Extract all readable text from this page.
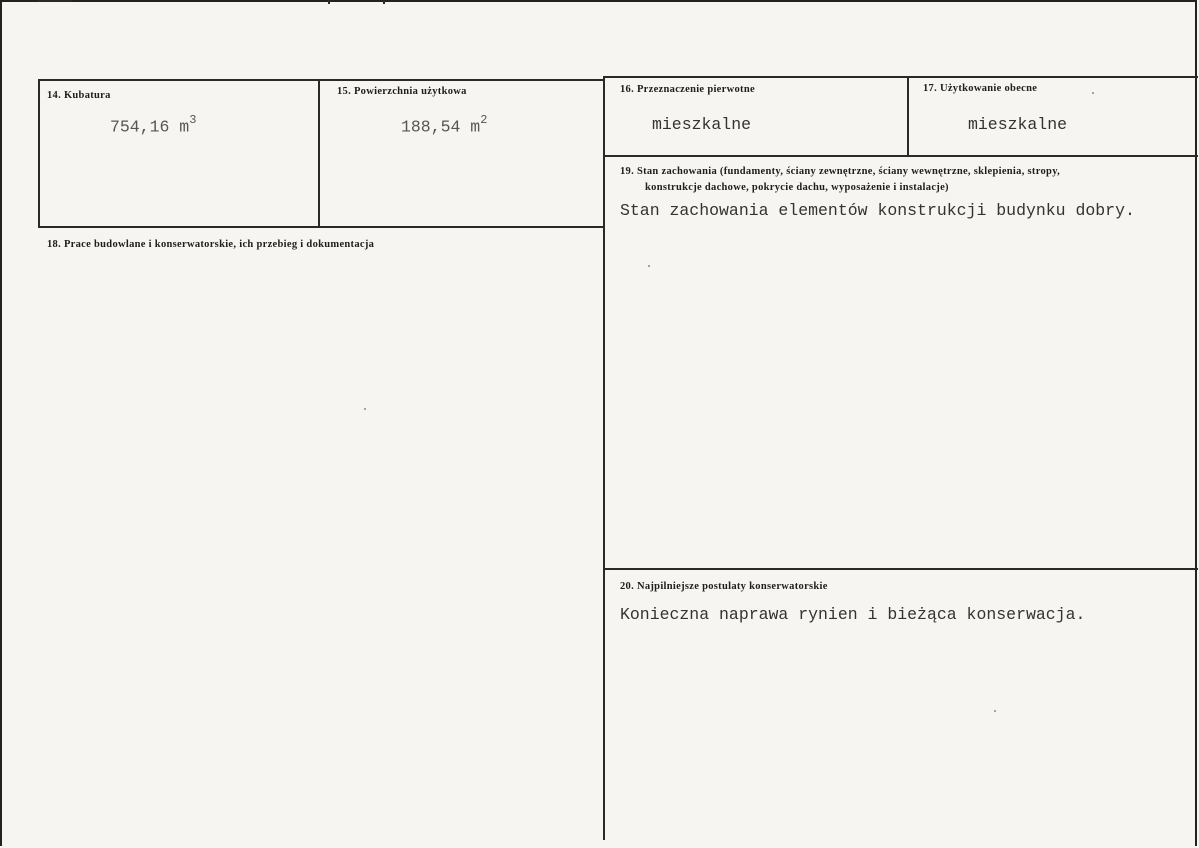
14. Kubatura
754,16 $m^3$
15. Powierzchnia użytkowa
188,54 $m^2$
16. Przeznaczenie pierwotne
mieszkalne
17. Użytkowanie obecne
mieszkalne
19. Stan zachowania (fundamenty, ściany zewnętrzne, ściany wewnętrzne, sklepienia, stropy,
konstrukcje dachowe, pokrycie dachu, wyposażenie i instalacje)
Stan zachowania elementów konstrukcji budynku dobry.
18. Prace budowlane i konserwatorskie, ich przebieg i dokumentacja
20. Najpilniejsze postulaty konserwatorskie
Konieczna naprawa rynien i bieżąca konserwacja.
